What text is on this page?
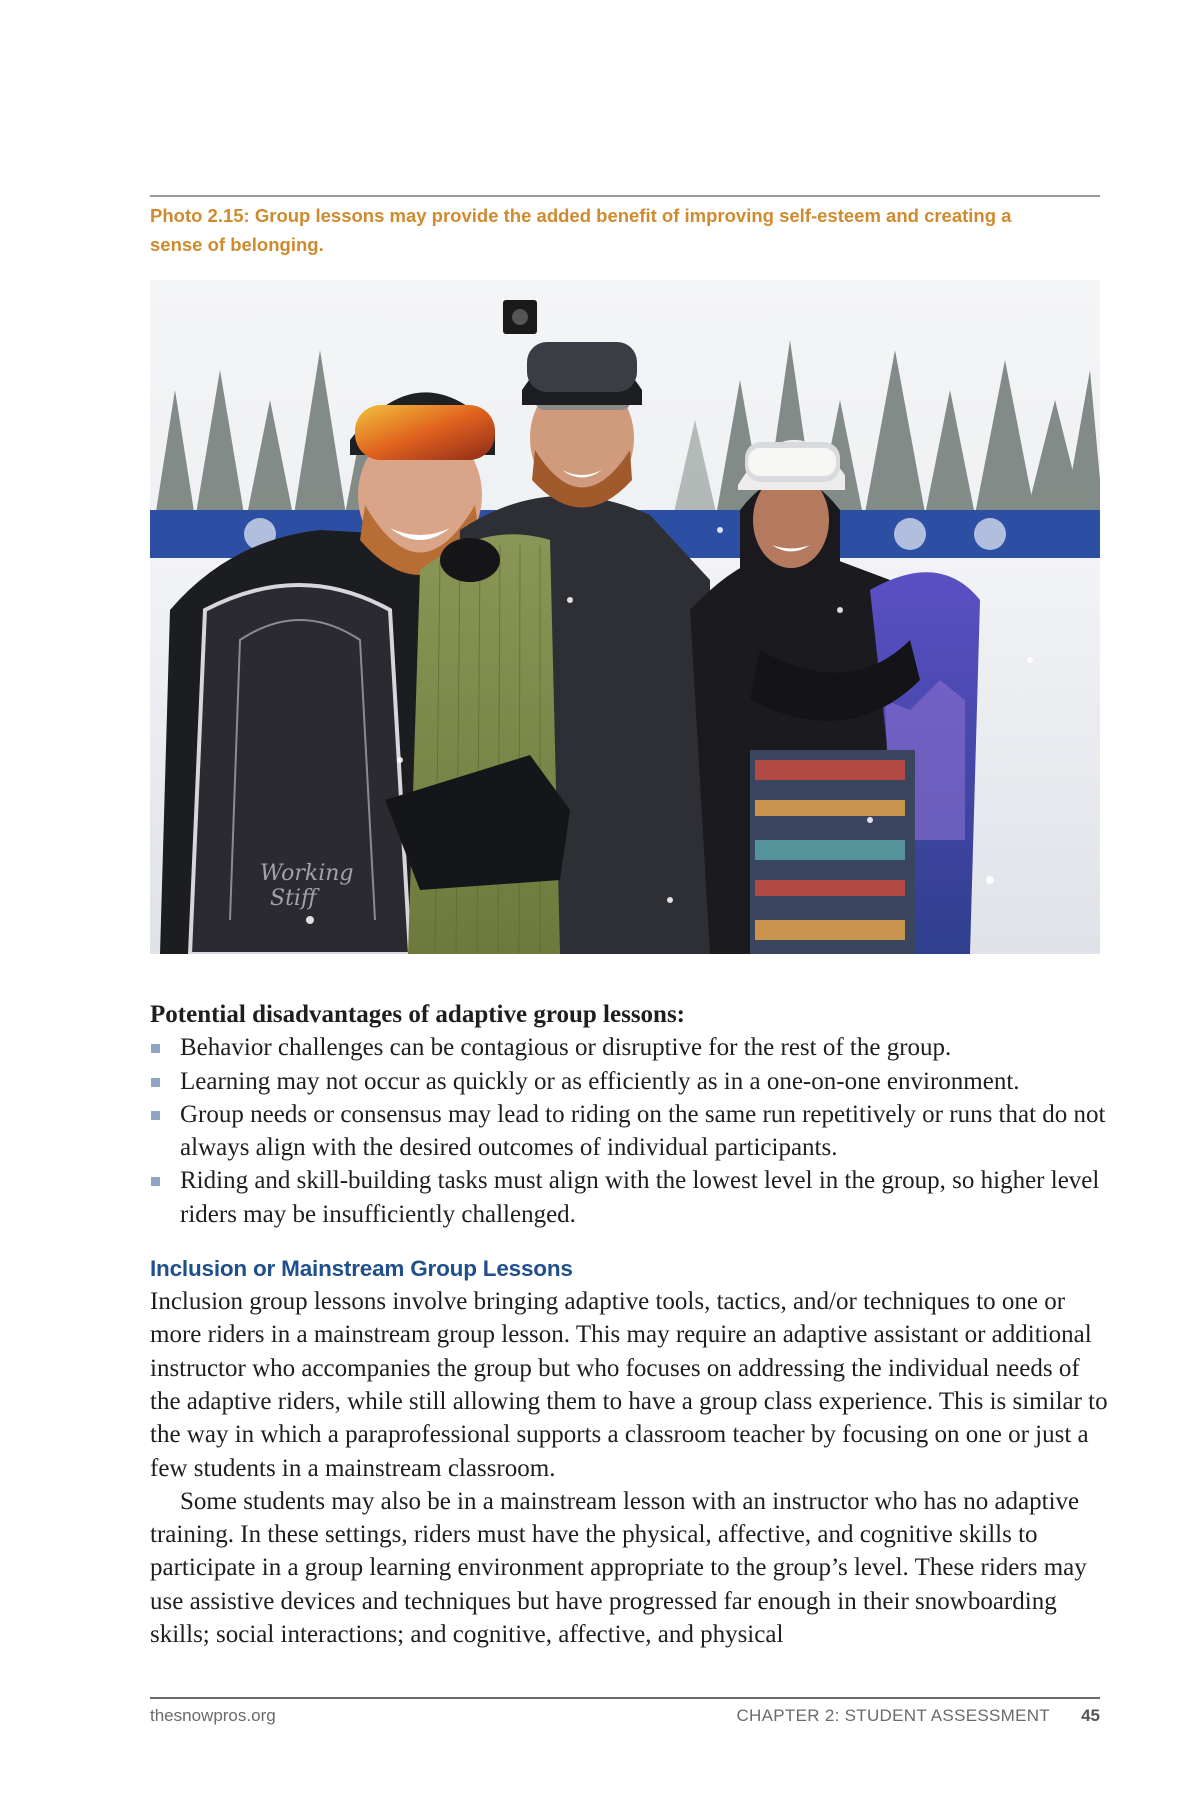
Photo 2.15: Group lessons may provide the added benefit of improving self-esteem and creating a sense of belonging.
Working
Stiff

Potential disadvantages of adaptive group lessons:

Behavior challenges can be contagious or disruptive for the rest of the group.
Learning may not occur as quickly or as efficiently as in a one-on-one environment.
Group needs or consensus may lead to riding on the same run repetitively or runs that do not always align with the desired outcomes of individual participants.
Riding and skill-building tasks must align with the lowest level in the group, so higher level riders may be insufficiently challenged.

Inclusion or Mainstream Group Lessons

Inclusion group lessons involve bringing adaptive tools, tactics, and/or techniques to one or more riders in a mainstream group lesson. This may require an adaptive assistant or additional instructor who accompanies the group but who focuses on addressing the individual needs of the adaptive riders, while still allowing them to have a group class experience. This is similar to the way in which a paraprofessional supports a classroom teacher by focusing on one or just a few students in a mainstream classroom.

Some students may also be in a mainstream lesson with an instructor who has no adaptive training. In these settings, riders must have the physical, affective, and cognitive skills to participate in a group learning environment appropriate to the group’s level. These riders may use assistive devices and techniques but have progressed far enough in their snowboarding skills; social interactions; and cognitive, affective, and physical

thesnowpros.org	CHAPTER 2: STUDENT ASSESSMENT 45
